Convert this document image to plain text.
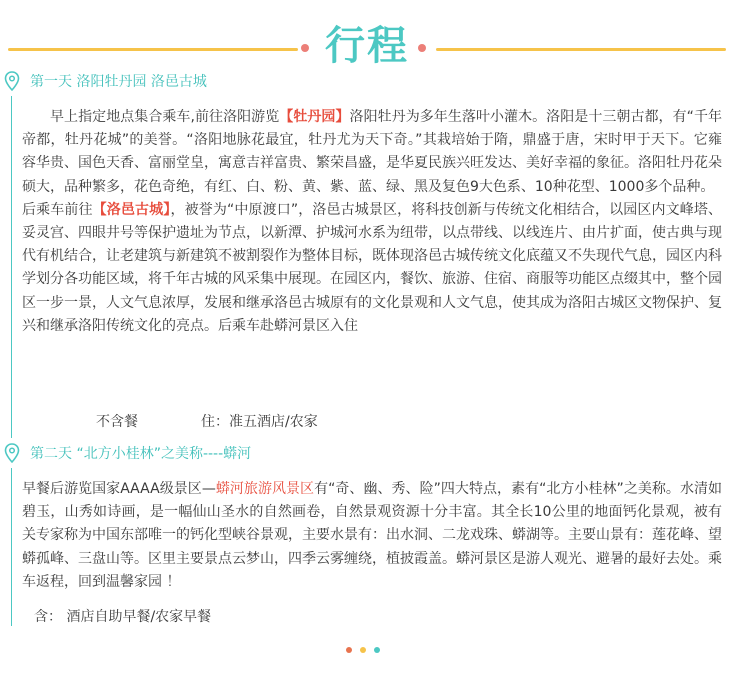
行程
第一天 洛阳牡丹园 洛邑古城

早上指定地点集合乘车,前往洛阳游览【牡丹园】洛阳牡丹为多年生落叶小灌木。洛阳是十三朝古都，有“千年帝都，牡丹花城”的美誉。“洛阳地脉花最宜，牡丹尤为天下奇。”其栽培始于隋，鼎盛于唐，宋时甲于天下。它雍容华贵、国色天香、富丽堂皇，寓意吉祥富贵、繁荣昌盛，是华夏民族兴旺发达、美好幸福的象征。洛阳牡丹花朵硕大，品种繁多，花色奇绝，有红、白、粉、黄、紫、蓝、绿、黑及复色9大色系、10种花型、1000多个品种。

后乘车前往【洛邑古城】，被誉为“中原渡口”，洛邑古城景区，将科技创新与传统文化相结合，以园区内文峰塔、妥灵宫、四眼井号等保护遗址为节点，以新潭、护城河水系为纽带，以点带线、以线连片、由片扩面，使古典与现代有机结合，让老建筑与新建筑不被割裂作为整体目标，既体现洛邑古城传统文化底蕴又不失现代气息，园区内科学划分各功能区域，将千年古城的风采集中展现。在园区内，餐饮、旅游、住宿、商服等功能区点缀其中，整个园区一步一景，人文气息浓厚，发展和继承洛邑古城原有的文化景观和人文气息，使其成为洛阳古城区文物保护、复兴和继承洛阳传统文化的亮点。后乘车赴蟒河景区入住

不含餐	住：准五酒店/农家
第二天 “北方小桂林”之美称----蟒河

早餐后游览国家AAAA级景区—蟒河旅游风景区有“奇、幽、秀、险”四大特点，素有“北方小桂林”之美称。水清如碧玉，山秀如诗画，是一幅仙山圣水的自然画卷，自然景观资源十分丰富。其全长10公里的地面钙化景观，被有关专家称为中国东部唯一的钙化型峡谷景观，主要水景有：出水洞、二龙戏珠、蟒湖等。主要山景有：莲花峰、望蟒孤峰、三盘山等。区里主要景点云梦山，四季云雾缠绕，植披霞盖。蟒河景区是游人观光、避暑的最好去处。乘车返程，回到温馨家园 ！

含： 酒店自助早餐/农家早餐
